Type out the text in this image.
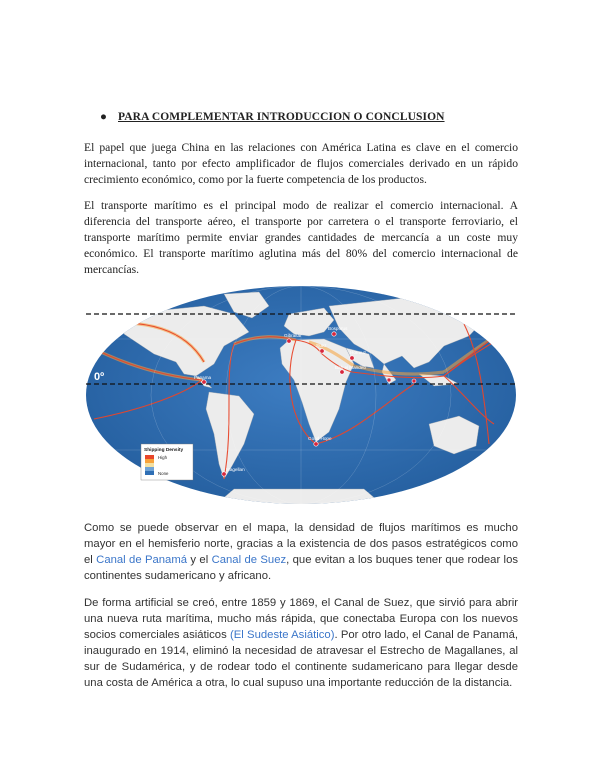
● PARA COMPLEMENTAR INTRODUCCION O CONCLUSION

El papel que juega China en las relaciones con América Latina es clave en el comercio internacional, tanto por efecto amplificador de flujos comerciales derivado en un rápido crecimiento económico, como por la fuerte competencia de los productos.

El transporte marítimo es el principal modo de realizar el comercio internacional. A diferencia del transporte aéreo, el transporte por carretera o el transporte ferroviario, el transporte marítimo permite enviar grandes cantidades de mercancía a un coste muy económico. El transporte marítimo aglutina más del 80% del comercio internacional de mercancías.

0º
Gibraltar
Suez
Bosporus
Hormuz
Bab el Mandeb
Panama
Good Hope
Magellan
Shipping Density
High
None

Como se puede observar en el mapa, la densidad de flujos marítimos es mucho mayor en el hemisferio norte, gracias a la existencia de dos pasos estratégicos como el Canal de Panamá y el Canal de Suez, que evitan a los buques tener que rodear los continentes sudamericano y africano.

De forma artificial se creó, entre 1859 y 1869, el Canal de Suez, que sirvió para abrir una nueva ruta marítima, mucho más rápida, que conectaba Europa con los nuevos socios comerciales asiáticos (El Sudeste Asiático). Por otro lado, el Canal de Panamá, inaugurado en 1914, eliminó la necesidad de atravesar el Estrecho de Magallanes, al sur de Sudamérica, y de rodear todo el continente sudamericano para llegar desde una costa de América a otra, lo cual supuso una importante reducción de la distancia.
